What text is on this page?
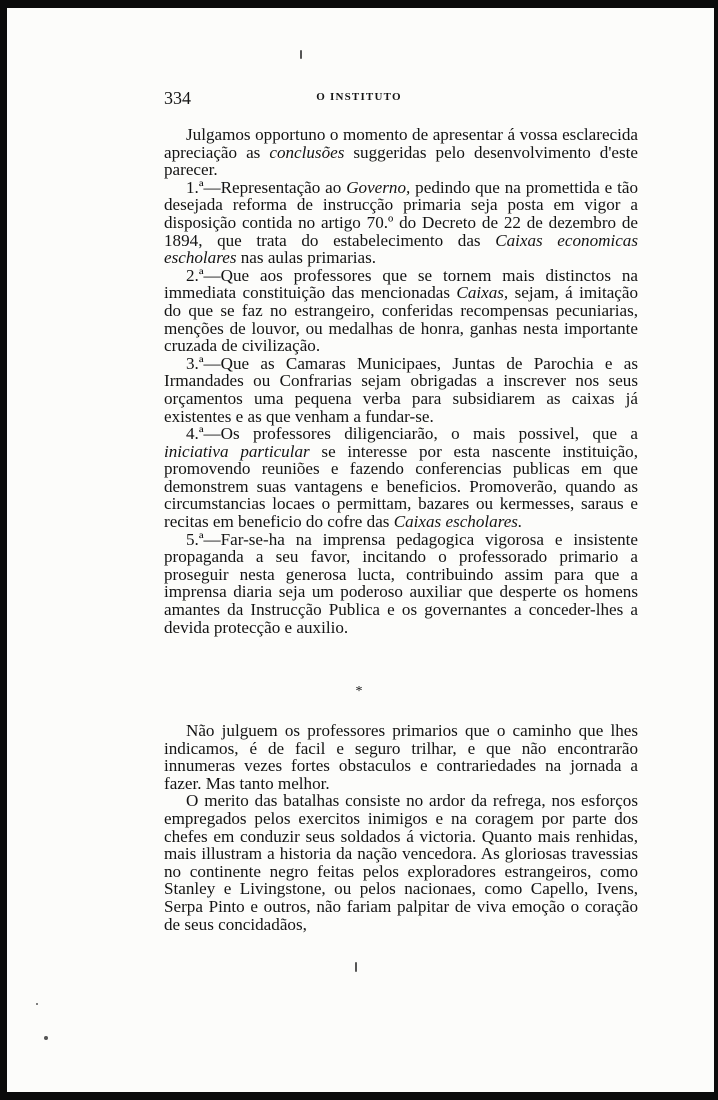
334	O INSTITUTO

Julgamos opportuno o momento de apresentar á vossa esclarecida apreciação as conclusões suggeridas pelo desenvolvimento d'este parecer.

1.ª—Representação ao Governo, pedindo que na promettida e tão desejada reforma de instrucção primaria seja posta em vigor a disposição contida no artigo 70.º do Decreto de 22 de dezembro de 1894, que trata do estabelecimento das Caixas economicas escholares nas aulas primarias.

2.ª—Que aos professores que se tornem mais distinctos na immediata constituição das mencionadas Caixas, sejam, á imitação do que se faz no estrangeiro, conferidas recompensas pecuniarias, menções de louvor, ou medalhas de honra, ganhas nesta importante cruzada de civilização.

3.ª—Que as Camaras Municipaes, Juntas de Parochia e as Irmandades ou Confrarias sejam obrigadas a inscrever nos seus orçamentos uma pequena verba para subsidiarem as caixas já existentes e as que venham a fundar-se.

4.ª—Os professores diligenciarão, o mais possivel, que a iniciativa particular se interesse por esta nascente instituição, promovendo reuniões e fazendo conferencias publicas em que demonstrem suas vantagens e beneficios. Promoverão, quando as circumstancias locaes o permittam, bazares ou kermesses, saraus e recitas em beneficio do cofre das Caixas escholares.

5.ª—Far-se-ha na imprensa pedagogica vigorosa e insistente propaganda a seu favor, incitando o professorado primario a proseguir nesta generosa lucta, contribuindo assim para que a imprensa diaria seja um poderoso auxiliar que desperte os homens amantes da Instrucção Publica e os governantes a conceder-lhes a devida protecção e auxilio.

*

Não julguem os professores primarios que o caminho que lhes indicamos, é de facil e seguro trilhar, e que não encontrarão innumeras vezes fortes obstaculos e contrariedades na jornada a fazer. Mas tanto melhor.

O merito das batalhas consiste no ardor da refrega, nos esforços empregados pelos exercitos inimigos e na coragem por parte dos chefes em conduzir seus soldados á victoria. Quanto mais renhidas, mais illustram a historia da nação vencedora. As gloriosas travessias no continente negro feitas pelos exploradores estrangeiros, como Stanley e Livingstone, ou pelos nacionaes, como Capello, Ivens, Serpa Pinto e outros, não fariam palpitar de viva emoção o coração de seus concidadãos,
